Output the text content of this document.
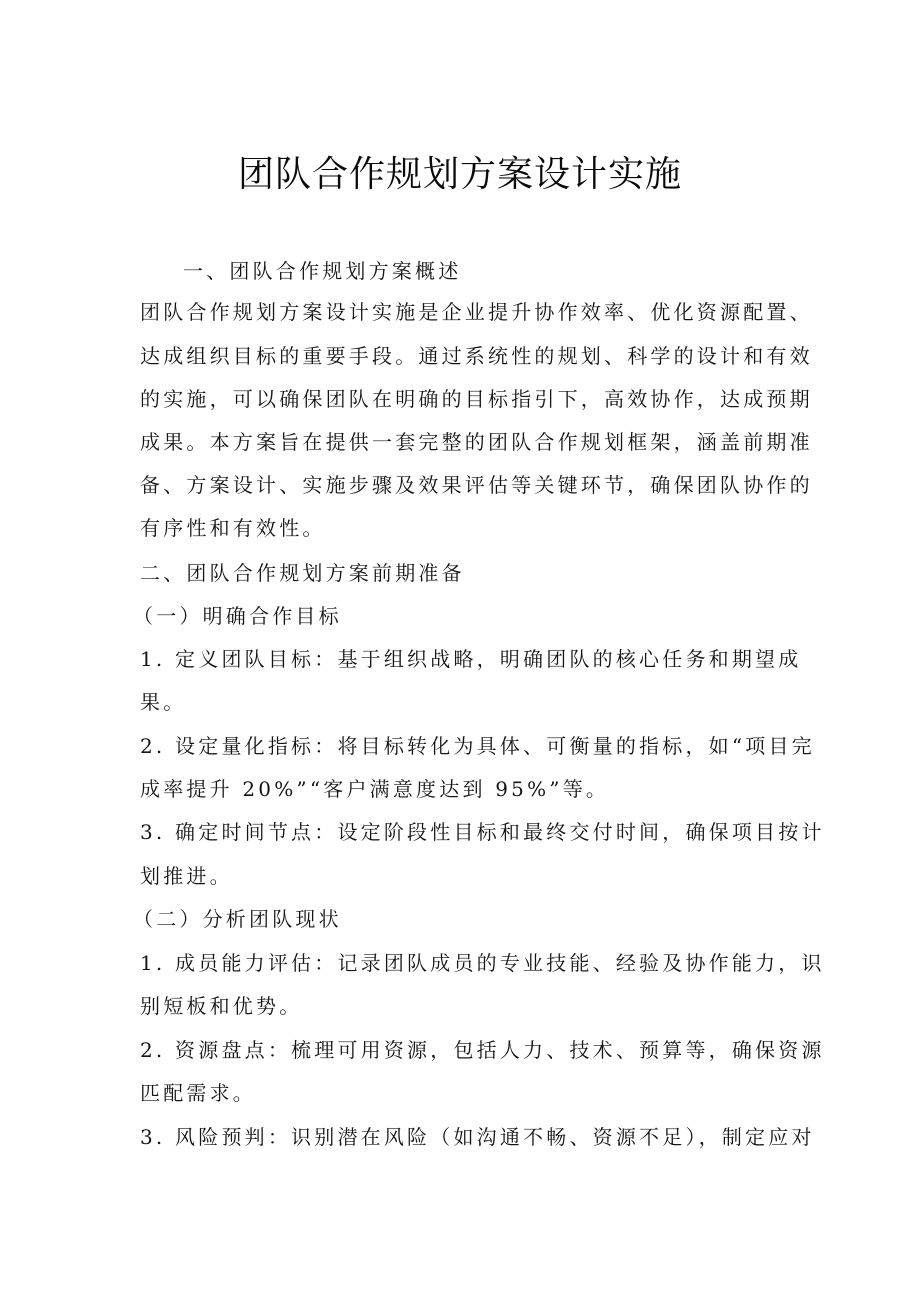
团队合作规划方案设计实施

一、团队合作规划方案概述

团队合作规划方案设计实施是企业提升协作效率、优化资源配置、

达成组织目标的重要手段。通过系统性的规划、科学的设计和有效

的实施，可以确保团队在明确的目标指引下，高效协作，达成预期

成果。本方案旨在提供一套完整的团队合作规划框架，涵盖前期准

备、方案设计、实施步骤及效果评估等关键环节，确保团队协作的

有序性和有效性。

二、团队合作规划方案前期准备

（一）明确合作目标

1. 定义团队目标：基于组织战略，明确团队的核心任务和期望成

果。

2. 设定量化指标：将目标转化为具体、可衡量的指标，如“项目完

成率提升 20%”“客户满意度达到 95%”等。

3. 确定时间节点：设定阶段性目标和最终交付时间，确保项目按计

划推进。

（二）分析团队现状

1. 成员能力评估：记录团队成员的专业技能、经验及协作能力，识

别短板和优势。

2. 资源盘点：梳理可用资源，包括人力、技术、预算等，确保资源

匹配需求。

3. 风险预判：识别潜在风险（如沟通不畅、资源不足），制定应对
